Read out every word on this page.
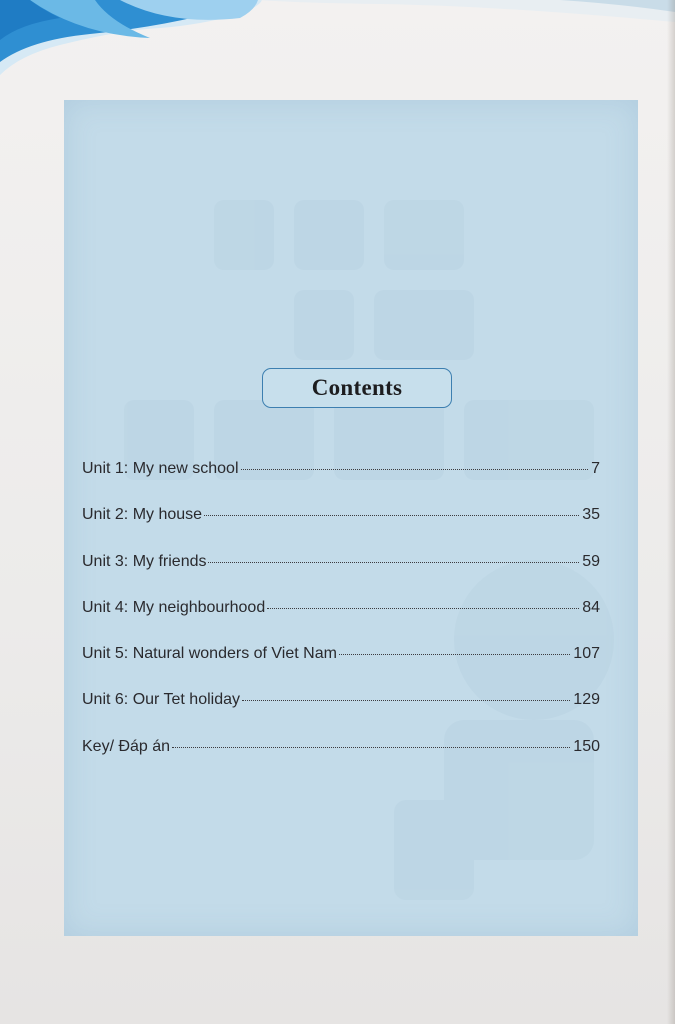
Contents
Unit 1: My new school	7
Unit 2: My house	35
Unit 3: My friends	59
Unit 4: My neighbourhood	84
Unit 5: Natural wonders of Viet Nam	107
Unit 6: Our Tet holiday	129
Key/ Đáp án	150
